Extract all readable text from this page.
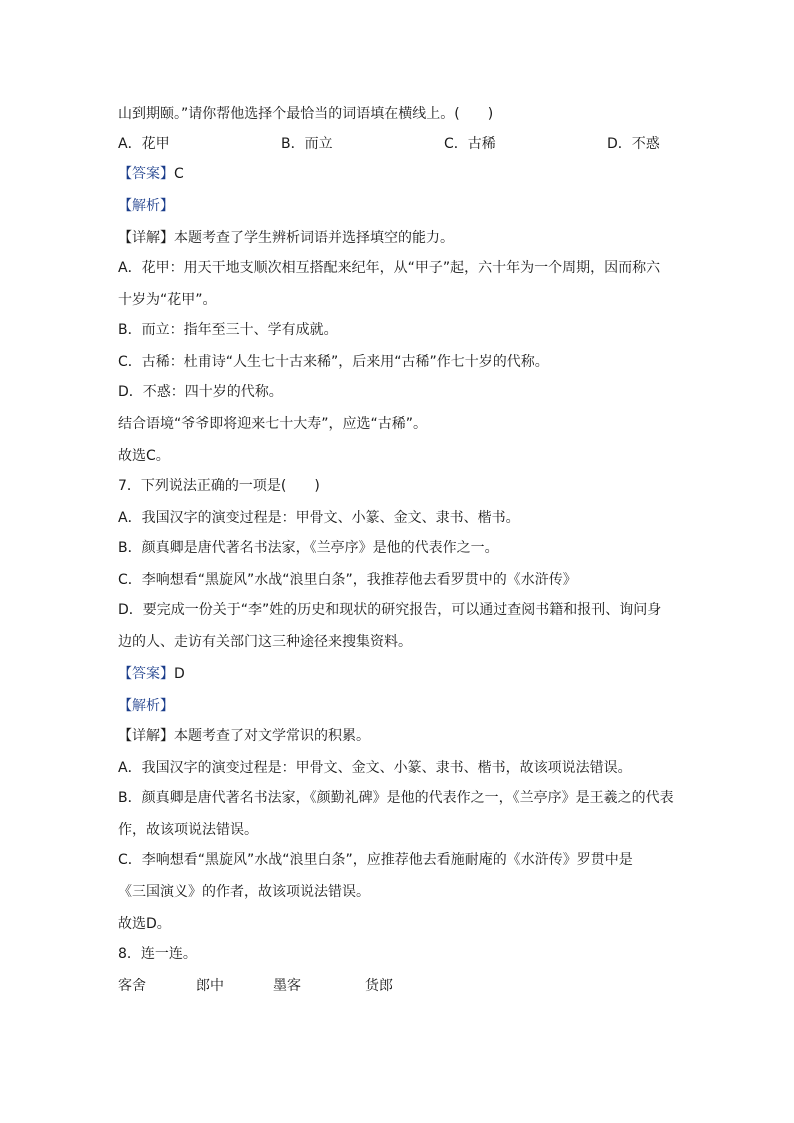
山到期颐。”请你帮他选择个最恰当的词语填在横线上。(　　)
A．花甲	B．而立	C．古稀	D．不惑
【答案】C
【解析】
【详解】本题考查了学生辨析词语并选择填空的能力。
A．花甲：用天干地支顺次相互搭配来纪年，从“甲子”起，六十年为一个周期，因而称六
十岁为“花甲”。
B．而立：指年至三十、学有成就。
C．古稀：杜甫诗“人生七十古来稀”，后来用“古稀”作七十岁的代称。
D．不惑：四十岁的代称。
结合语境“爷爷即将迎来七十大寿”，应选“古稀”。
故选C。
7．下列说法正确的一项是(　　)
A．我国汉字的演变过程是：甲骨文、小篆、金文、隶书、楷书。
B．颜真卿是唐代著名书法家，《兰亭序》是他的代表作之一。
C．李响想看“黑旋风”水战“浪里白条”，我推荐他去看罗贯中的《水浒传》
D．要完成一份关于“李”姓的历史和现状的研究报告，可以通过查阅书籍和报刊、询问身
边的人、走访有关部门这三种途径来搜集资料。
【答案】D
【解析】
【详解】本题考查了对文学常识的积累。
A．我国汉字的演变过程是：甲骨文、金文、小篆、隶书、楷书，故该项说法错误。
B．颜真卿是唐代著名书法家，《颜勤礼碑》是他的代表作之一，《兰亭序》是王羲之的代表
作，故该项说法错误。
C．李响想看“黑旋风”水战“浪里白条”，应推荐他去看施耐庵的《水浒传》罗贯中是
《三国演义》的作者，故该项说法错误。
故选D。
8．连一连。
客舍	郎中	墨客	货郎
